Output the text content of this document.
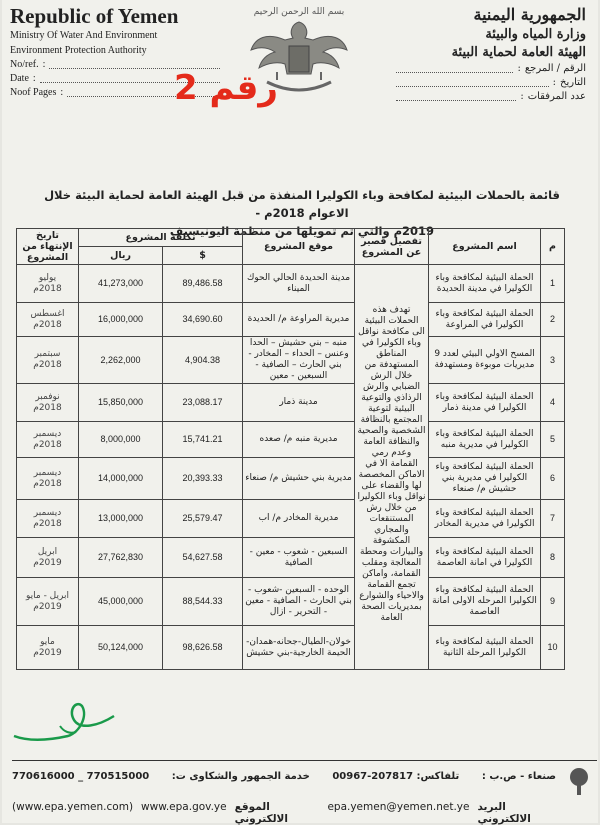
Republic of Yemen
Ministry Of Water And Environment
Environment Protection Authority
No/ref. :
Date :
Noof Pages :
بسم الله الرحمن الرحيم	الجمهورية اليمنية
وزارة المياه والبيئة
الهيئة العامة لحماية البيئة
الرقم / المرجع
:
التاريخ
:
عدد المرفقات
:
رقم 2
قائمة بالحملات البيئية لمكافحة وباء الكوليرا المنفذة من قبل الهيئة العامة لحماية البيئة خلال الاعوام 2018م -
2019م والتي تم تمويلها من منظمة اليونيسيف
م	اسم المشروع	تفصيل قصير عن المشروع	موقع المشروع	تكلفة المشروع		تاريخ الإنتهاء من المشروع
				$	ريال	
1	الحملة البيئية لمكافحة وباء الكوليرا في مدينة الحديدة	تهدف هذه الحملات البيئية الى مكافحة نواقل وباء الكوليرا في المناطق المستهدفة من خلال الرش الضبابي والرش الرذاذي والتوعية البيئية لتوعية المجتمع بالنظافة الشخصية والصحية والنظافة العامة وعدم رمي القمامة الا في الاماكن المخصصة لها والقضاء على نواقل وباء الكوليرا من خلال رش المستنقعات والمجاري المكشوفة والبيارات ومحطة المعالجة ومقلب القمامة، واماكن تجمع القمامة والاحياء والشوارع بمديريات الصحة العامة	مدينة الحديدة الحالي الحوك الميناء	89,486.58	41,273,000	يوليو
2018م

2	الحملة البيئية لمكافحة وباء الكوليرا في المراوعة		مديرية المراوعة م/ الحديدة	34,690.60	16,000,000	اغسطس
2018م

3	المسح الاولي البيئي لعدد 9 مديريات موبوءة ومستهدفة		منبه – بني حشيش – الحدا وعنس – الحداء – المخادر - بني الحارث – الصافية - السبعين - معين	4,904.38	2,262,000	سبتمبر
2018م

4	الحملة البيئية لمكافحة وباء الكوليرا في مدينة ذمار		مدينة ذمار	23,088.17	15,850,000	نوفمبر
2018م

5	الحملة البيئية لمكافحة وباء الكوليرا في مديرية منبه		مديرية منبه م/ صعده	15,741.21	8,000,000	ديسمبر
2018م

6	الحملة البيئية لمكافحة وباء الكوليرا في مديرية بني حشيش م/ صنعاء		مديرية بني حشيش م/ صنعاء	20,393.33	14,000,000	ديسمبر
2018م

7	الحملة البيئية لمكافحة وباء الكوليرا في مديرية المخادر		مديرية المخادر م/ اب	25,579.47	13,000,000	ديسمبر
2018م

8	الحملة البيئية لمكافحة وباء الكوليرا في امانة العاصمة		السبعين - شعوب - معين - الصافية	54,627.58	27,762,830	ابريل
2019م

9	الحملة البيئية لمكافحة وباء الكوليرا المرحله الاولى امانة العاصمة		الوحده - السبعين -شعوب - بني الحارث - الصافية - معين - التحرير - ازال	88,544.33	45,000,000	ابريل - مايو
2019م

10	الحملة البيئية لمكافحة وباء الكوليرا المرحلة الثانية		خولان-الطيال-جحانه-همدان-الحيمة الخارجية-بني حشيش	98,626.58	50,124,000	مايو
2019م
صنعاء - ص.ب :
تلفاكس: 207817-00967
خدمة الجمهور والشكاوى ت:
770515000 _ 770616000
البريد الالكتروني
epa.yemen@yemen.net.ye
الموقع الالكتروني
www.epa.gov.ye
(www.epa.yemen.com)
